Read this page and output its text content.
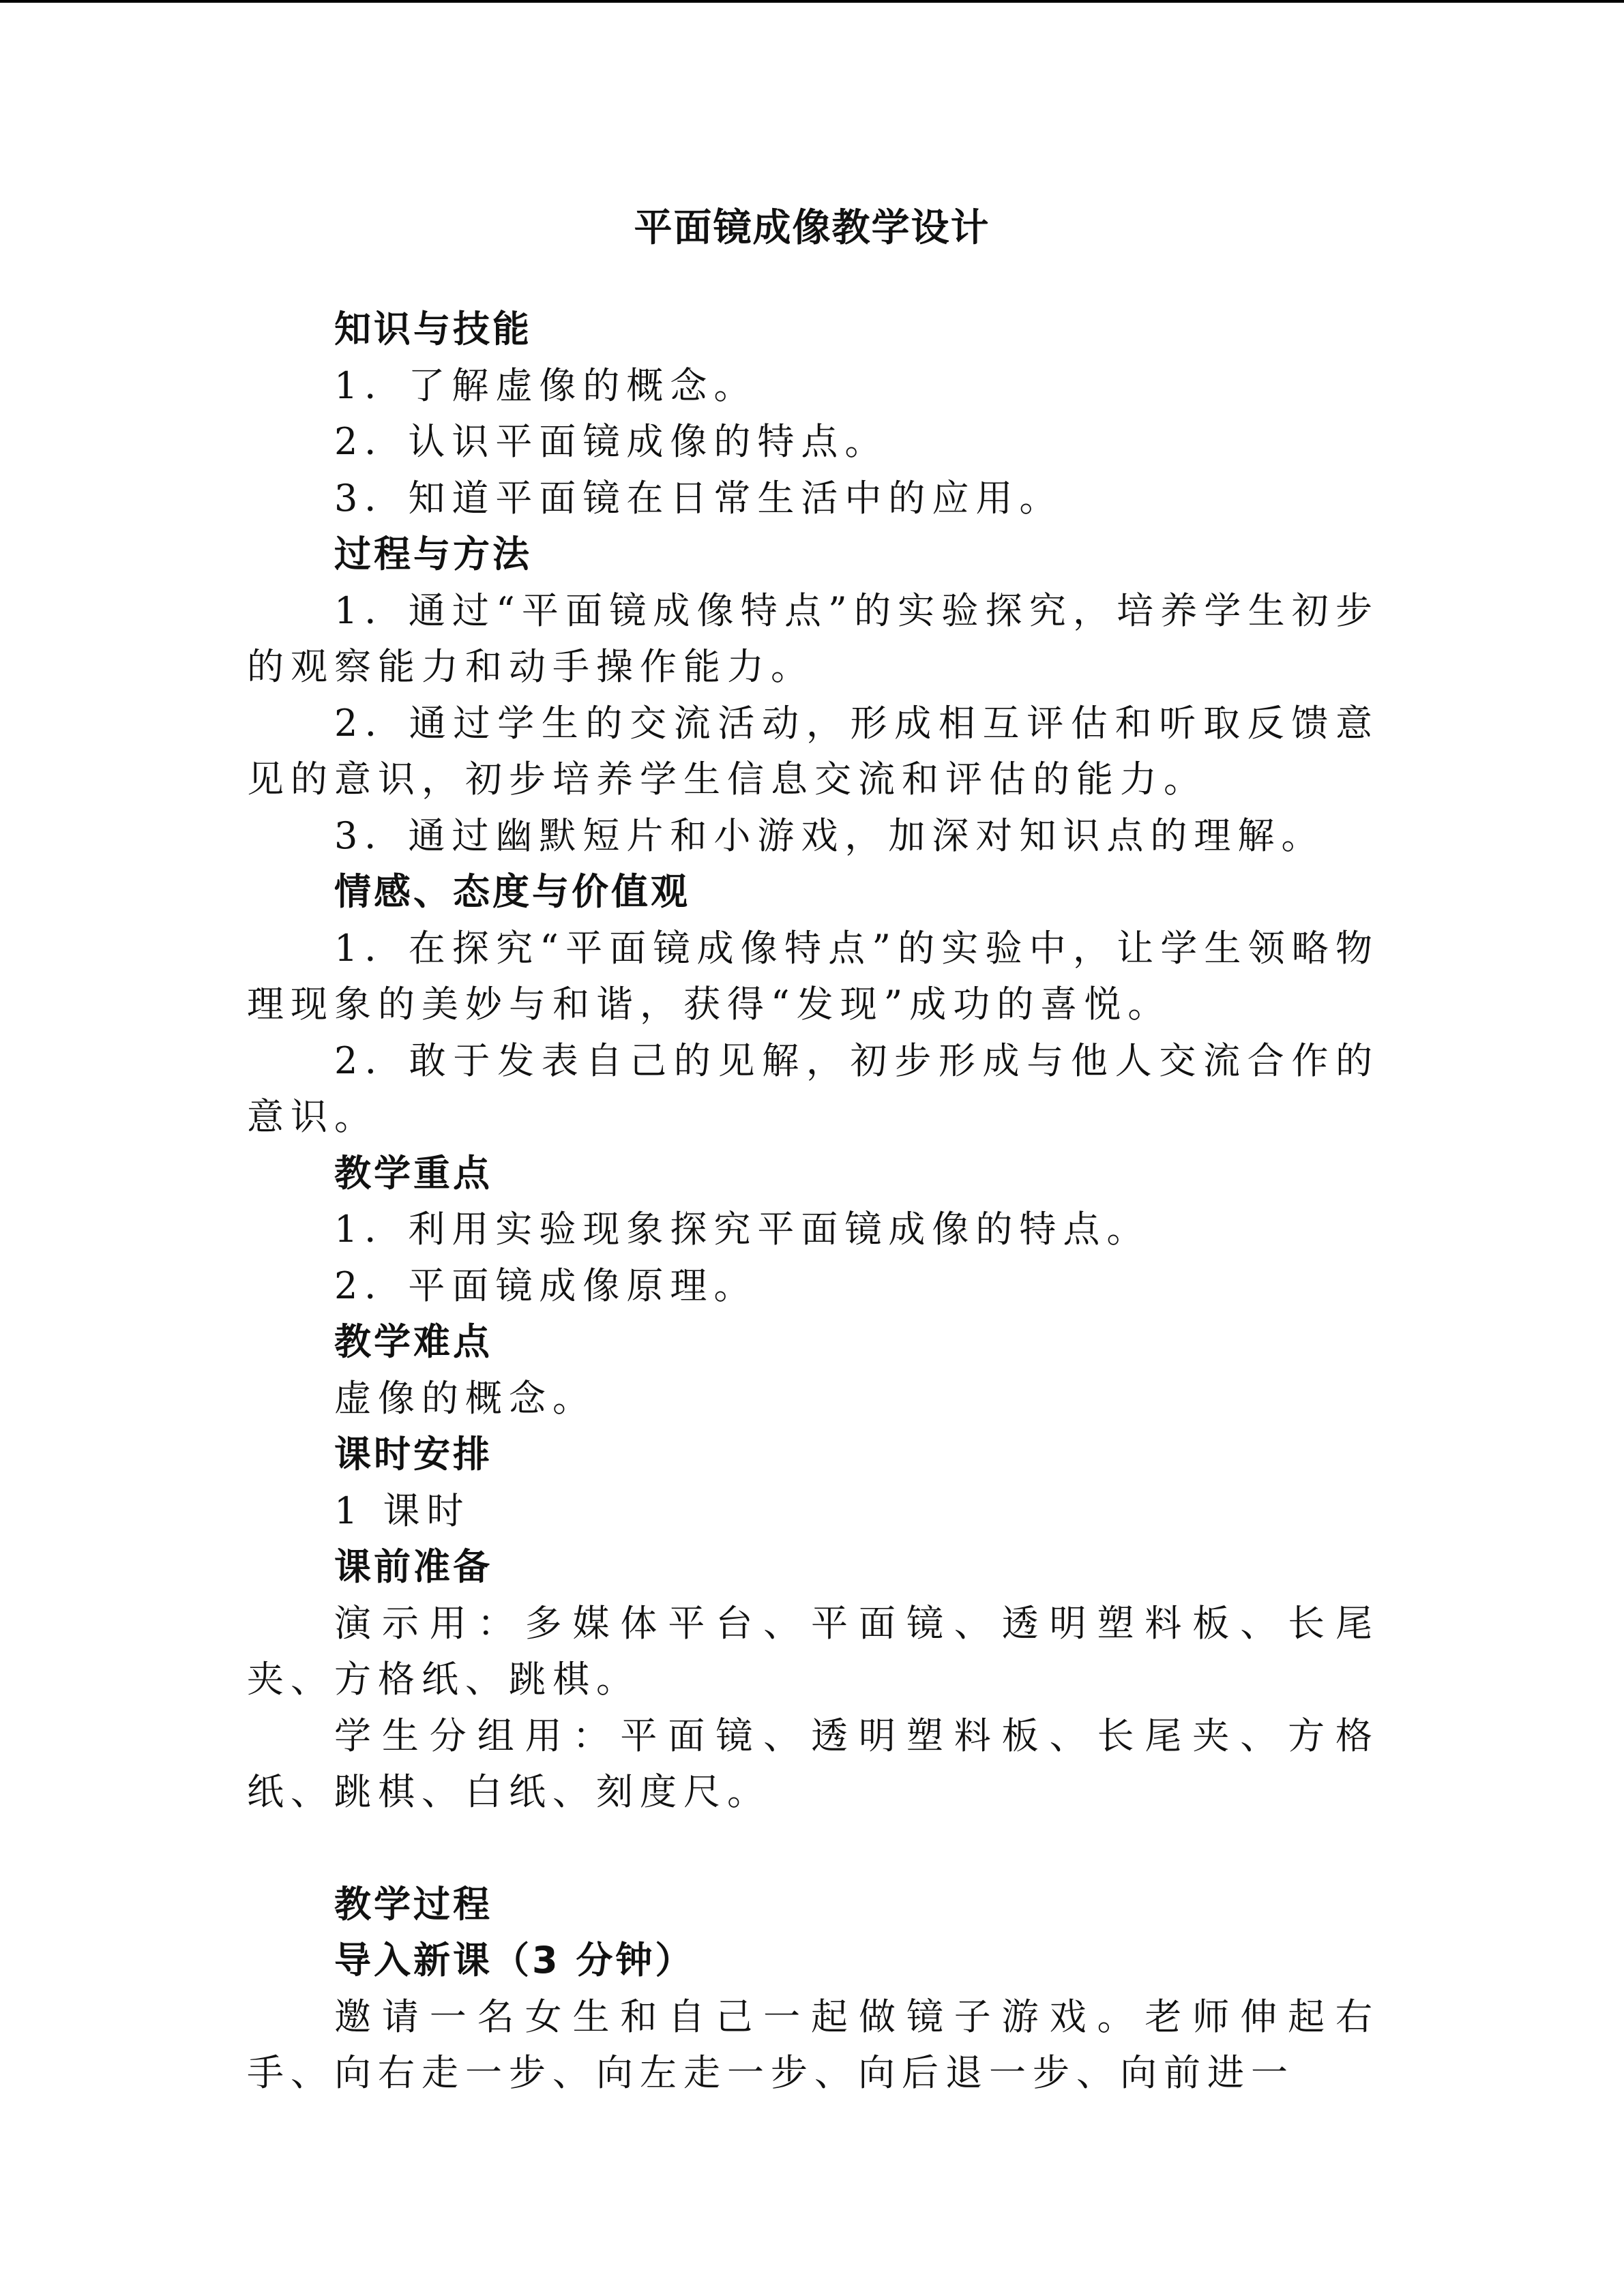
平面镜成像教学设计

知识与技能

1．了解虚像的概念。

2．认识平面镜成像的特点。

3．知道平面镜在日常生活中的应用。

过程与方法

1．通过“平面镜成像特点”的实验探究，培养学生初步的观察能力和动手操作能力。

2．通过学生的交流活动，形成相互评估和听取反馈意见的意识，初步培养学生信息交流和评估的能力。

3．通过幽默短片和小游戏，加深对知识点的理解。

情感、态度与价值观

1．在探究“平面镜成像特点”的实验中，让学生领略物理现象的美妙与和谐，获得“发现”成功的喜悦。

2．敢于发表自己的见解，初步形成与他人交流合作的意识。

教学重点

1．利用实验现象探究平面镜成像的特点。

2．平面镜成像原理。

教学难点

虚像的概念。

课时安排

1 课时

课前准备

演示用：多媒体平台、平面镜、透明塑料板、长尾夹、方格纸、跳棋。

学生分组用：平面镜、透明塑料板、长尾夹、方格纸、跳棋、白纸、刻度尺。

教学过程

导入新课（3 分钟）

邀请一名女生和自己一起做镜子游戏。老师伸起右手、向右走一步、向左走一步、向后退一步、向前进一
